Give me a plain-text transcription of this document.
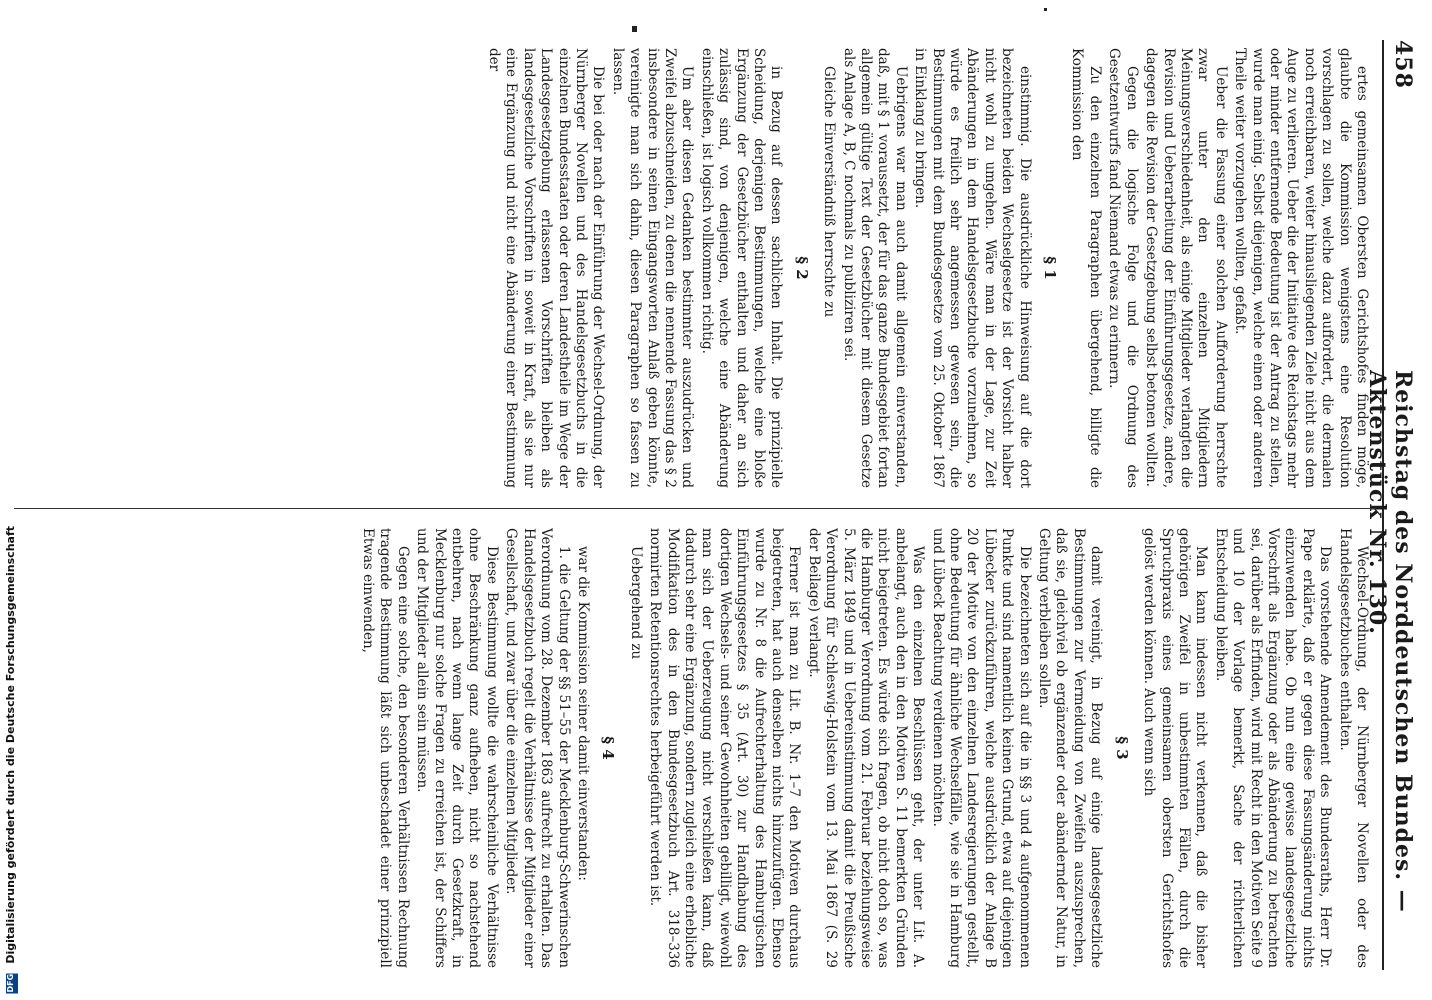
458
Reichstag des Norddeutschen Bundes. — Aktenstück Nr. 130.

ertes gemeinsamen Obersten Gerichtshofes finden möge, glaubte die Kommission wenigstens eine Resolution vorschlagen zu sollen, welche dazu auffordert, die dermalen noch erreichbaren, weiter hinausliegenden Ziele nicht aus dem Auge zu verlieren. Ueber die der Initiative des Reichstags mehr oder minder entfernende Bedeutung ist der Antrag zu stellen, wurde man einig. Selbst diejenigen, welche einen oder anderen Theile weiter vorzugehen wollten, gefaßt.

Ueber die Fassung einer solchen Aufforderung herrschte zwar unter den einzelnen Mitgliedern Meinungsverschiedenheit, als einige Mitglieder verlangten die Revision und Ueberarbeitung der Einführungsgesetze, andere, dagegen die Revision der Gesetzgebung selbst betonen wollten.

Gegen die logische Folge und die Ordnung des Gesetzentwurfs fand Niemand etwas zu erinnern.

Zu den einzelnen Paragraphen übergehend, billigte die Kommission den

§ 1

einstimmig. Die ausdrückliche Hinweisung auf die dort bezeichneten beiden Wechselgesetze ist der Vorsicht halber nicht wohl zu umgehen. Wäre man in der Lage, zur Zeit Abänderungen in dem Handelsgesetzbuche vorzunehmen, so würde es freilich sehr angemessen gewesen sein, die Bestimmungen mit dem Bundesgesetze vom 25. Oktober 1867 in Einklang zu bringen.

Uebrigens war man auch damit allgemein einverstanden, daß, mit § 1 voraussetzt, der für das ganze Bundesgebiet fortan allgemein gültige Text der Gesetzbücher mit diesem Gesetze als Anlage A, B, C nochmals zu publiziren sei.

Gleiche Einverständniß herrschte zu

§ 2

in Bezug auf dessen sachlichen Inhalt. Die prinzipielle Scheidung, derjenigen Bestimmungen, welche eine bloße Ergänzung der Gesetzbücher enthalten und daher an sich zulässig sind, von denjenigen, welche eine Abänderung einschließen, ist logisch vollkommen richtig.

Um aber diesen Gedanken bestimmter auszudrücken und Zweifel abzuschneiden, zu denen die nennende Fassung das § 2 insbesondere in seinen Eingangsworten Anlaß geben könnte, vereinigte man sich dahin, diesen Paragraphen so fassen zu lassen.

Die bei oder nach der Einführung der Wechsel-Ordnung, der Nürnberger Novellen und des Handelsgesetzbuchs in die einzelnen Bundesstaaten oder deren Landestheile im Wege der Landesgesetzgebung erlassenen Vorschriften bleiben als landesgesetzliche Vorschriften in soweit in Kraft, als sie nur eine Ergänzung und nicht eine Abänderung einer Bestimmung der

Wechsel-Ordnung, der Nürnberger Novellen oder des Handelsgesetzbuches enthalten.

Das vorstehende Amendement des Bundesraths, Herr Dr. Pape erklärte, daß er gegen diese Fassungsänderung nichts einzuwenden habe. Ob nun eine gewisse landesgesetzliche Vorschrift als Ergänzung oder als Abänderung zu betrachten sei, darüber als Erfinden, wird mit Recht in den Motiven Seite 9 und 10 der Vorlage bemerkt, Sache der richterlichen Entscheidung bleiben.

Man kann indessen nicht verkennen, daß die bisher gehörigen Zweifel in unbestimmten Fällen, durch die Spruchpraxis eines gemeinsamen obersten Gerichtshofes gelöst werden können. Auch wenn sich

§ 3

damit vereinigt, in Bezug auf einige landesgesetzliche Bestimmungen zur Vermeidung von Zweifeln auszusprechen, daß sie, gleichviel ob ergänzender oder abändernder Natur, in Geltung verbleiben sollen.

Die bezeichneten sich auf die in §§ 3 und 4 aufgenommenen Punkte und sind namentlich keinen Grund, etwa auf diejenigen Lübecker zurückzuführen, welche ausdrücklich der Anlage B 20 der Motive von den einzelnen Landesregierungen gestellt, ohne Bedeutung für ähnliche Wechselfälle, wie sie in Hamburg und Lübeck Beachtung verdienen möchten.

Was den einzelnen Beschlüssen geht, der unter Lit. A. anbelangt, auch den in den Motiven S. 11 bemerkten Gründen nicht beigetreten. Es würde sich fragen, ob nicht doch so, was die Hamburger Verordnung vom 21. Februar beziehungsweise 5. März 1849 und in Uebereinstimmung damit die Preußische Verordnung für Schleswig-Holstein vom 13. Mai 1867 (S. 29 der Beilage) verlangt.

Ferner ist man zu Lit. B. Nr. 1–7 den Motiven durchaus beigetreten, hat auch denselben nichts hinzuzufügen. Ebenso wurde zu Nr. 8 die Aufrechterhaltung des Hamburgischen Einführungsgesetzes § 35 (Art. 30) zur Handhabung des dortigen Wechsels- und seiner Gewohnheiten gebilligt, wiewohl man sich der Ueberzeugung nicht verschließen kann, daß dadurch sehr eine Ergänzung, sondern zugleich eine erhebliche Modifikation des in den Bundesgesetzbuch Art. 318–336 normirten Retentionsrechtes herbeigeführt werden ist.

Uebergehend zu

§ 4

war die Kommission seiner damit einverstanden:

1. die Geltung der §§ 51–55 der Mecklenburg-Schwerinschen Verordnung vom 28. Dezember 1863 aufrecht zu erhalten. Das Handelsgesetzbuch regelt die Verhältnisse der Mitglieder einer Gesellschaft, und zwar über die einzelnen Mitglieder.

Diese Bestimmung wollte die wahrscheinliche Verhältnisse ohne Beschränkung ganz aufheben, nicht so nachstehend entbehren, nach wenn lange Zeit durch Gesetzkraft, in Mecklenburg nur solche Fragen zu erreichen ist, der Schiffers und der Mitglieder allein sein müssen.

Gegen eine solche, den besonderen Verhältnissen Rechnung tragende Bestimmung läßt sich unbeschadet einer prinzipiell Etwas einwenden,

DFG Digitalisierung gefördert durch die Deutsche Forschungsgemeinschaft
